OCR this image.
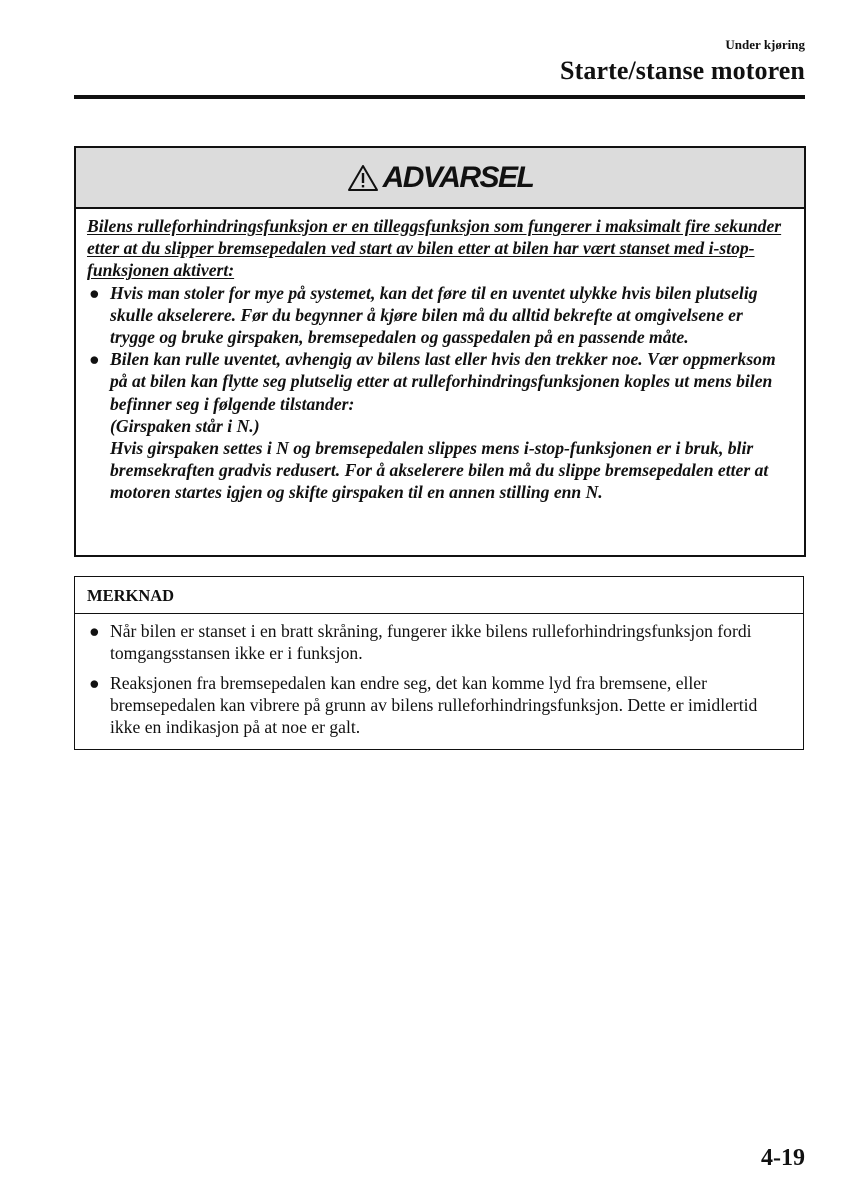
Under kjøring
Starte/stanse motoren
ADVARSEL
Bilens rulleforhindringsfunksjon er en tilleggsfunksjon som fungerer i maksimalt fire sekunder etter at du slipper bremsepedalen ved start av bilen etter at bilen har vært stanset med i-stop-funksjonen aktivert:
● Hvis man stoler for mye på systemet, kan det føre til en uventet ulykke hvis bilen plutselig skulle akselerere. Før du begynner å kjøre bilen må du alltid bekrefte at omgivelsene er trygge og bruke girspaken, bremsepedalen og gasspedalen på en passende måte.
● Bilen kan rulle uventet, avhengig av bilens last eller hvis den trekker noe. Vær oppmerksom på at bilen kan flytte seg plutselig etter at rulleforhindringsfunksjonen koples ut mens bilen befinner seg i følgende tilstander:
(Girspaken står i N.)
Hvis girspaken settes i N og bremsepedalen slippes mens i-stop-funksjonen er i bruk, blir bremsekraften gradvis redusert. For å akselerere bilen må du slippe bremsepedalen etter at motoren startes igjen og skifte girspaken til en annen stilling enn N.
MERKNAD
● Når bilen er stanset i en bratt skråning, fungerer ikke bilens rulleforhindringsfunksjon fordi tomgangsstansen ikke er i funksjon.
● Reaksjonen fra bremsepedalen kan endre seg, det kan komme lyd fra bremsene, eller bremsepedalen kan vibrere på grunn av bilens rulleforhindringsfunksjon. Dette er imidlertid ikke en indikasjon på at noe er galt.
4-19
